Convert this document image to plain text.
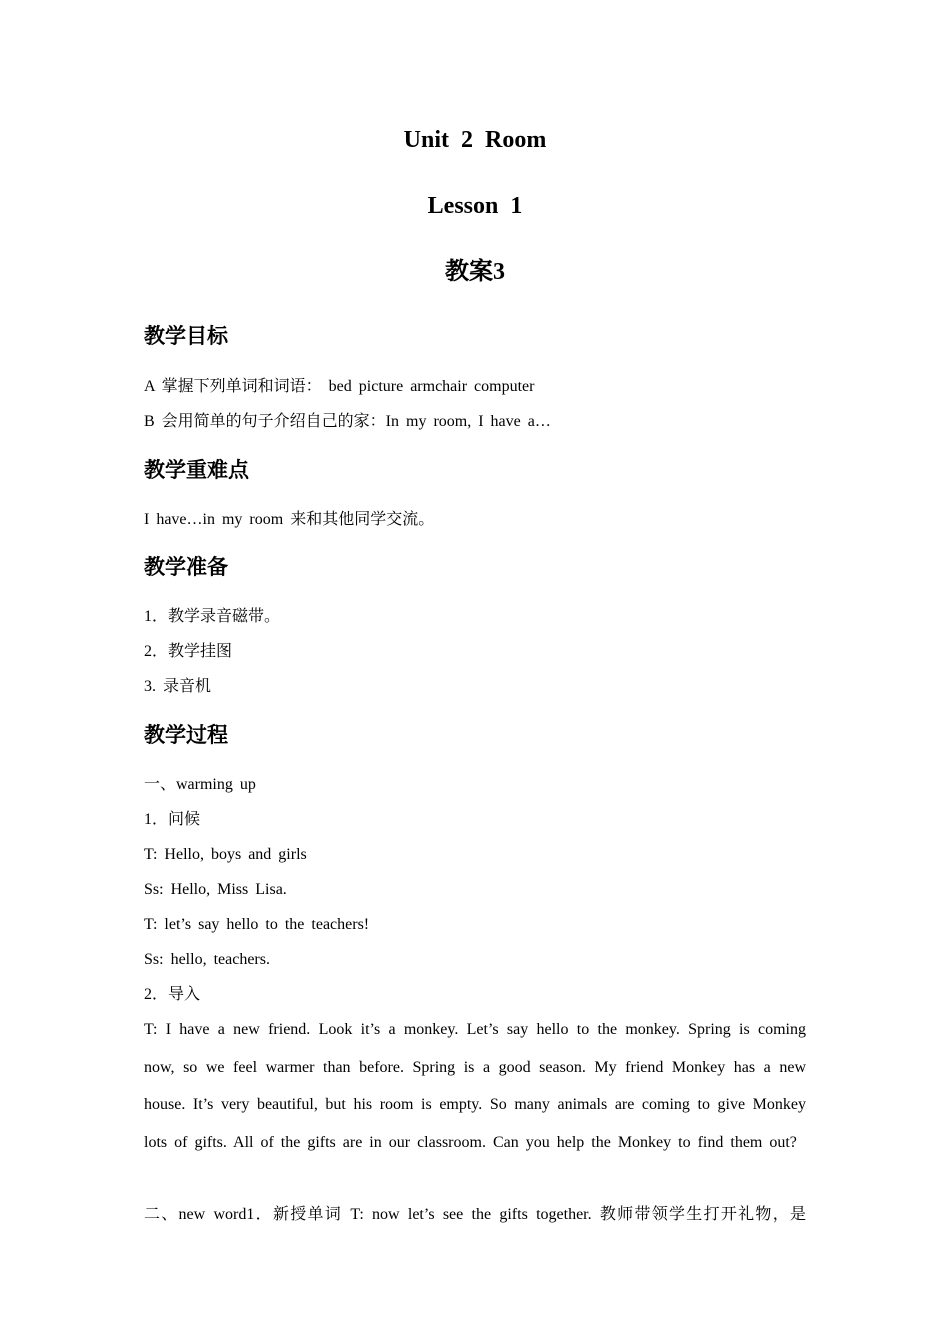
Unit 2 Room
Lesson 1
教案3
教学目标
A 掌握下列单词和词语： bed picture armchair computer
B 会用简单的句子介绍自己的家：In my room, I have a…
教学重难点
I have…in my room 来和其他同学交流。
教学准备
1．教学录音磁带。
2．教学挂图
3. 录音机
教学过程
一、warming up
1．问候
T: Hello, boys and girls
Ss: Hello, Miss Lisa.
T: let’s say hello to the teachers!
Ss: hello, teachers.
2．导入
T: I have a new friend. Look it’s a monkey. Let’s say hello to the monkey. Spring is coming now, so we feel warmer than before. Spring is a good season. My friend Monkey has a new house. It’s very beautiful, but his room is empty. So many animals are coming to give Monkey lots of gifts. All of the gifts are in our classroom. Can you help the Monkey to find them out?
二、new word1．新授单词 T: now let’s see the gifts together. 教师带领学生打开礼物，是
